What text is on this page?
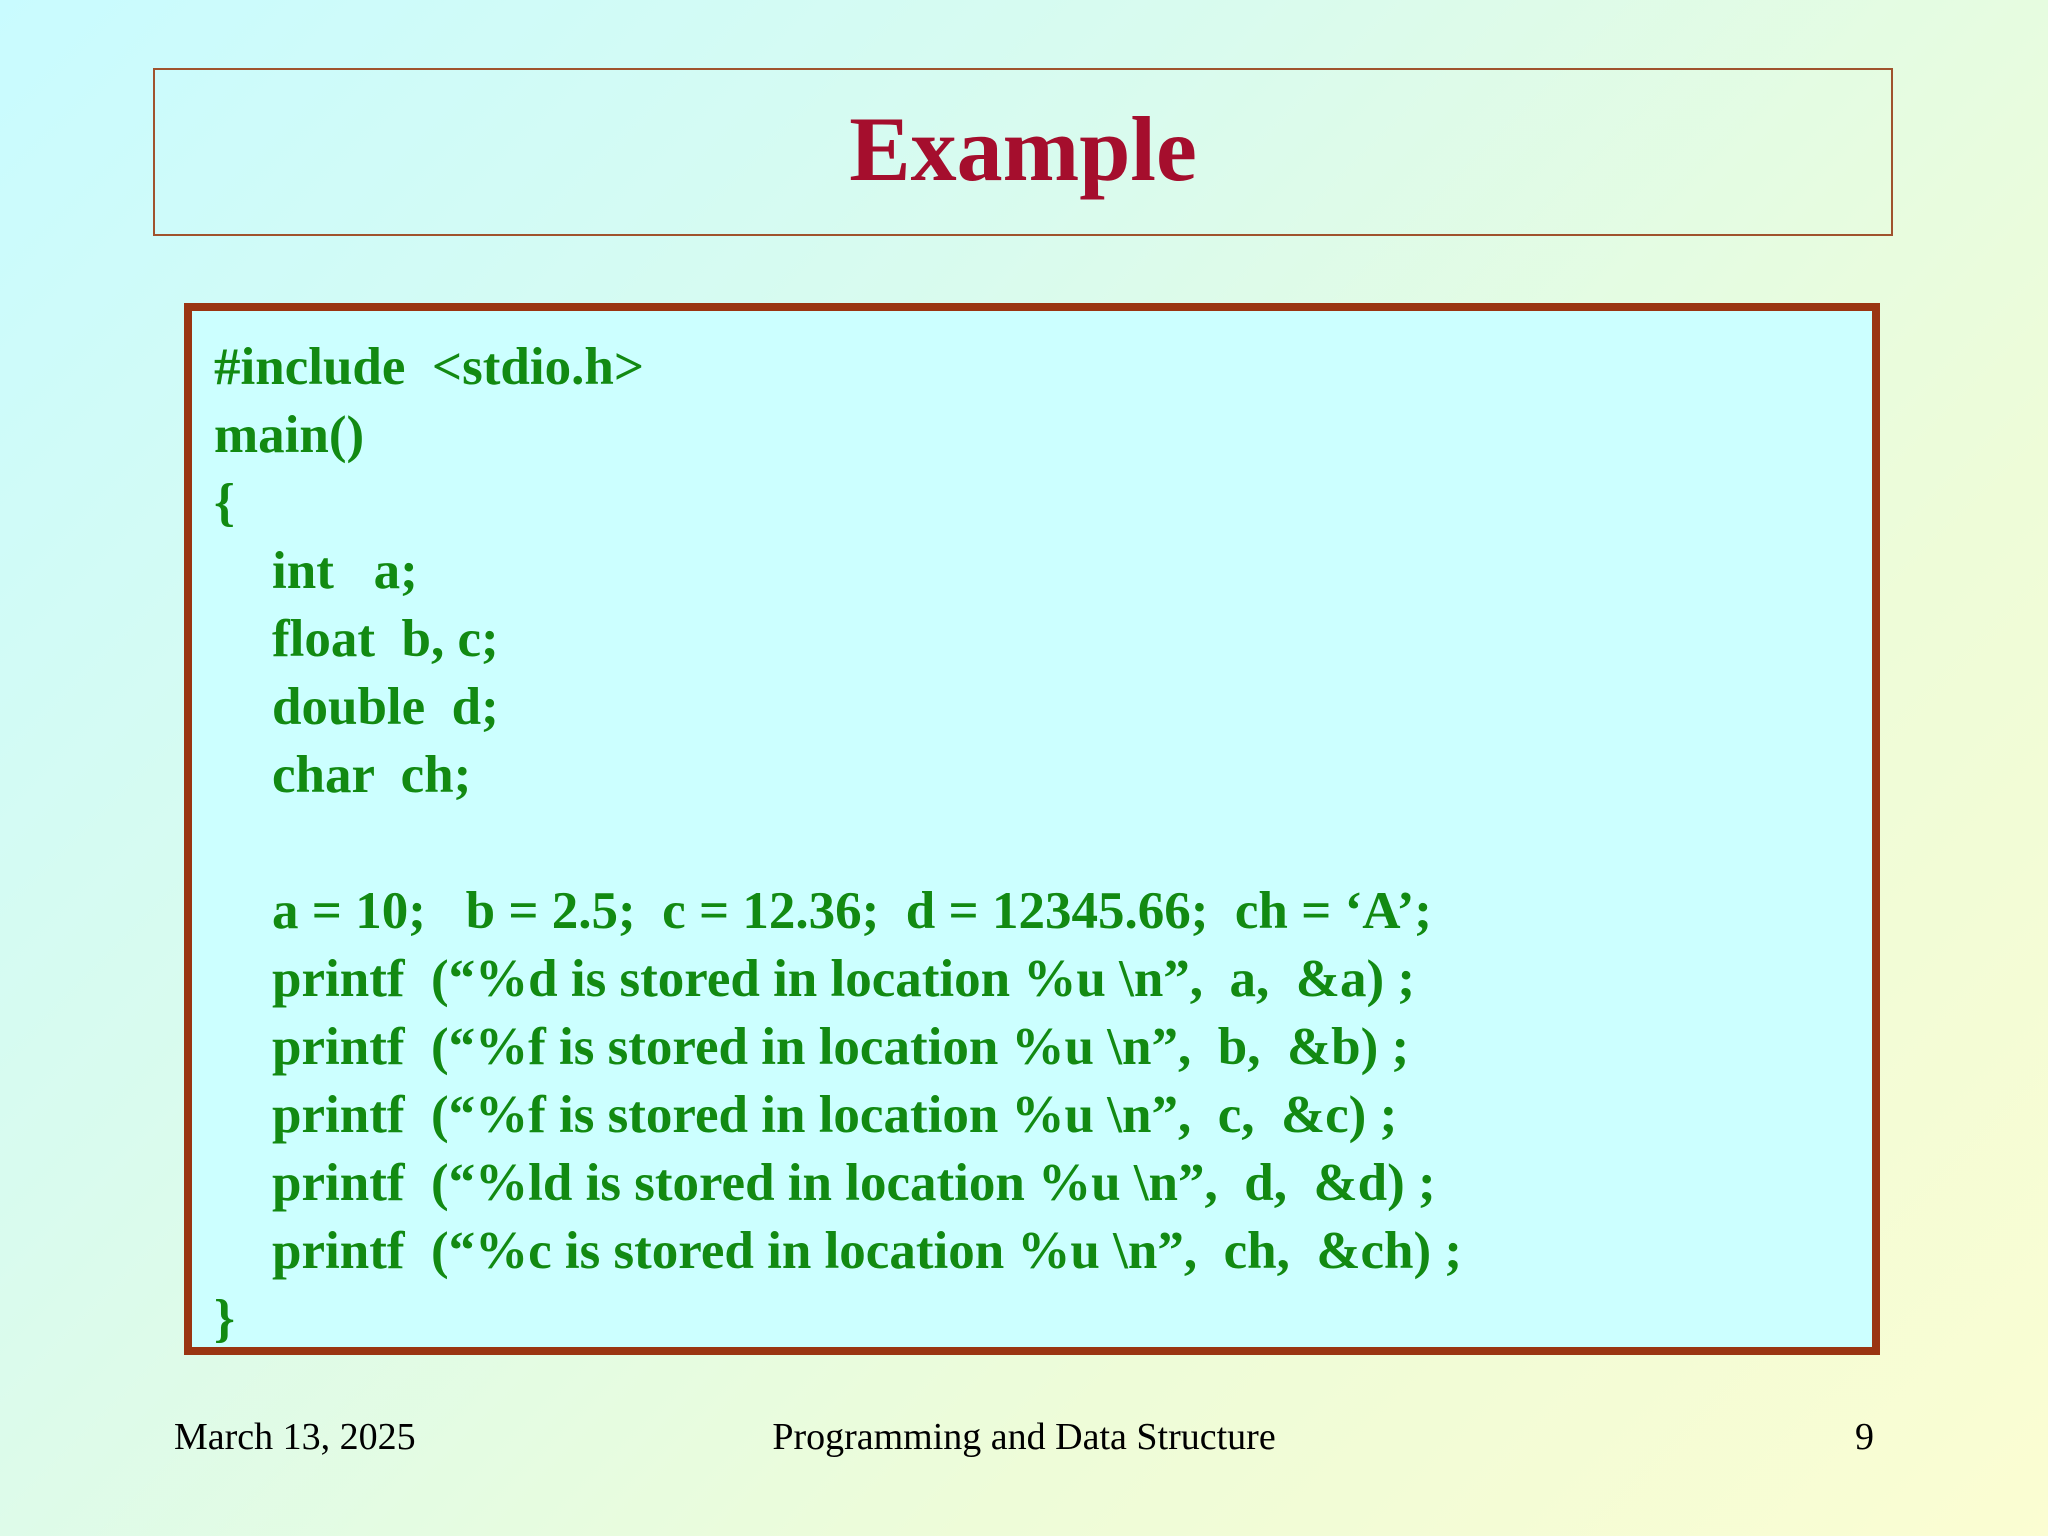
Example
#include  <stdio.h>
main()
{
int   a;
float  b, c;
double  d;
char  ch;
a = 10;   b = 2.5;  c = 12.36;  d = 12345.66;  ch = ‘A’;
printf  (“%d is stored in location %u \n”,  a,  &a) ;
printf  (“%f is stored in location %u \n”,  b,  &b) ;
printf  (“%f is stored in location %u \n”,  c,  &c) ;
printf  (“%ld is stored in location %u \n”,  d,  &d) ;
printf  (“%c is stored in location %u \n”,  ch,  &ch) ;
}
Programming and Data Structure
March 13, 2025	9
